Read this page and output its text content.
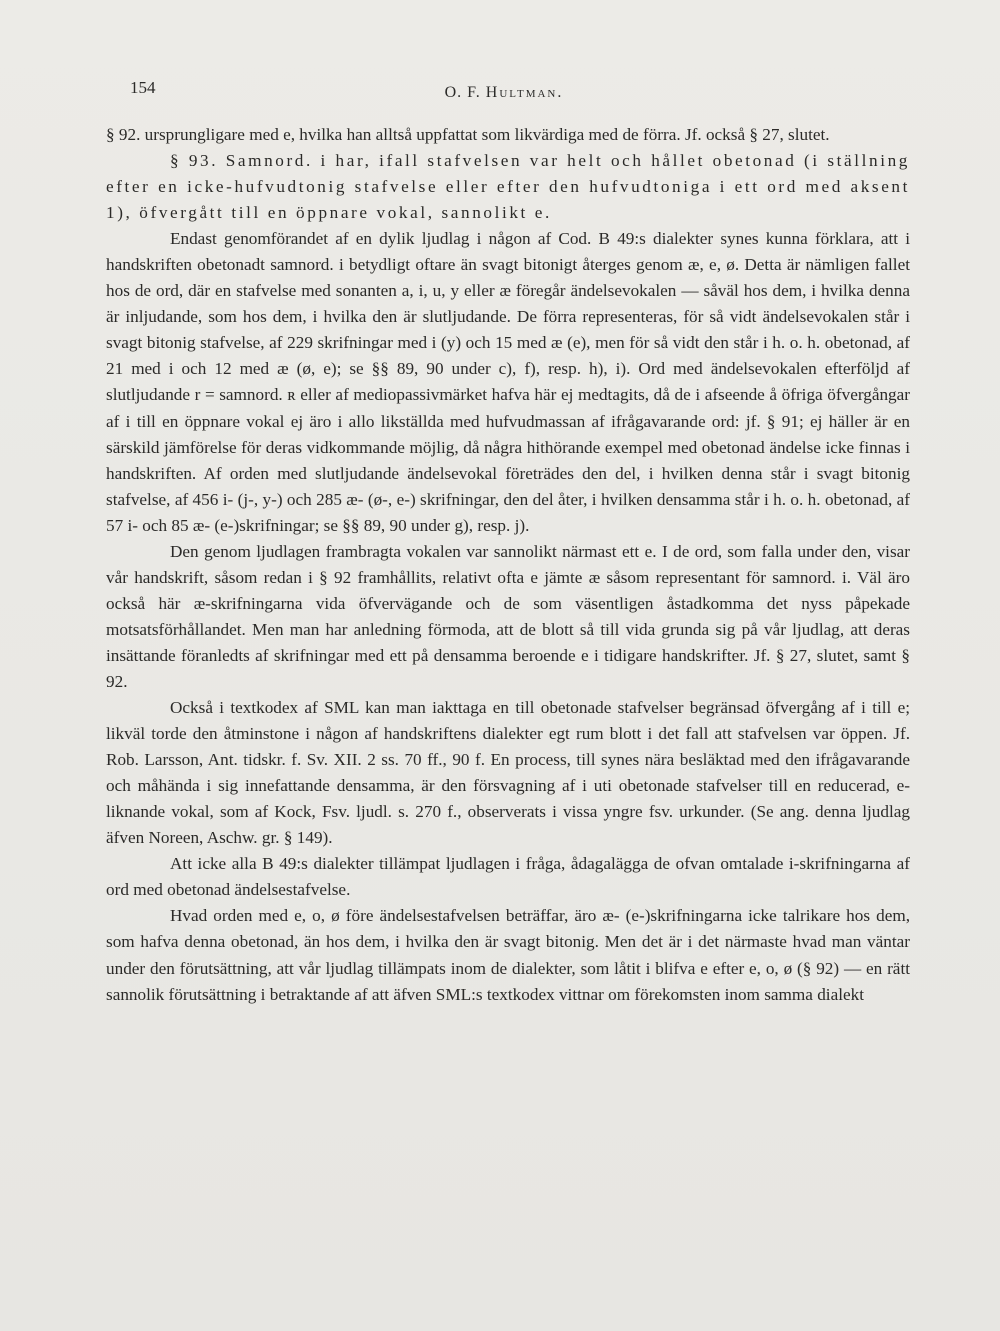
154	O. F. Hultman.

§ 92. ursprungligare med e, hvilka han alltså uppfattat som likvärdiga med de förra. Jf. också § 27, slutet.

§ 93. Samnord. i har, ifall stafvelsen var helt och hållet obetonad (i ställning efter en icke-hufvudtonig stafvelse eller efter den hufvudtoniga i ett ord med aksent 1), öfvergått till en öppnare vokal, sannolikt e.

Endast genomförandet af en dylik ljudlag i någon af Cod. B 49:s dialekter synes kunna förklara, att i handskriften obetonadt samnord. i betydligt oftare än svagt bitonigt återges genom æ, e, ø. Detta är nämligen fallet hos de ord, där en stafvelse med sonanten a, i, u, y eller æ föregår ändelsevokalen — såväl hos dem, i hvilka denna är inljudande, som hos dem, i hvilka den är slutljudande. De förra representeras, för så vidt ändelsevokalen står i svagt bitonig stafvelse, af 229 skrifningar med i (y) och 15 med æ (e), men för så vidt den står i h. o. h. obetonad, af 21 med i och 12 med æ (ø, e); se §§ 89, 90 under c), f), resp. h), i). Ord med ändelsevokalen efterföljd af slutljudande r = samnord. ʀ eller af mediopassivmärket hafva här ej medtagits, då de i afseende å öfriga öfvergångar af i till en öppnare vokal ej äro i allo likställda med hufvudmassan af ifrågavarande ord: jf. § 91; ej häller är en särskild jämförelse för deras vidkommande möjlig, då några hithörande exempel med obetonad ändelse icke finnas i handskriften. Af orden med slutljudande ändelsevokal företrädes den del, i hvilken denna står i svagt bitonig stafvelse, af 456 i- (j-, y-) och 285 æ- (ø-, e-) skrifningar, den del åter, i hvilken densamma står i h. o. h. obetonad, af 57 i- och 85 æ- (e-)skrifningar; se §§ 89, 90 under g), resp. j).

Den genom ljudlagen frambragta vokalen var sannolikt närmast ett e. I de ord, som falla under den, visar vår handskrift, såsom redan i § 92 framhållits, relativt ofta e jämte æ såsom representant för samnord. i. Väl äro också här æ-skrifningarna vida öfvervägande och de som väsentligen åstadkomma det nyss påpekade motsatsförhållandet. Men man har anledning förmoda, att de blott så till vida grunda sig på vår ljudlag, att deras insättande föranledts af skrifningar med ett på densamma beroende e i tidigare handskrifter. Jf. § 27, slutet, samt § 92.

Också i textkodex af SML kan man iakttaga en till obetonade stafvelser begränsad öfvergång af i till e; likväl torde den åtminstone i någon af handskriftens dialekter egt rum blott i det fall att stafvelsen var öppen. Jf. Rob. Larsson, Ant. tidskr. f. Sv. XII. 2 ss. 70 ff., 90 f. En process, till synes nära besläktad med den ifrågavarande och måhända i sig innefattande densamma, är den försvagning af i uti obetonade stafvelser till en reducerad, e-liknande vokal, som af Kock, Fsv. ljudl. s. 270 f., observerats i vissa yngre fsv. urkunder. (Se ang. denna ljudlag äfven Noreen, Aschw. gr. § 149).

Att icke alla B 49:s dialekter tillämpat ljudlagen i fråga, ådagalägga de ofvan omtalade i-skrifningarna af ord med obetonad ändelsestafvelse.

Hvad orden med e, o, ø före ändelsestafvelsen beträffar, äro æ- (e-)skrifningarna icke talrikare hos dem, som hafva denna obetonad, än hos dem, i hvilka den är svagt bitonig. Men det är i det närmaste hvad man väntar under den förutsättning, att vår ljudlag tillämpats inom de dialekter, som låtit i blifva e efter e, o, ø (§ 92) — en rätt sannolik förutsättning i betraktande af att äfven SML:s textkodex vittnar om förekomsten inom samma dialekt
